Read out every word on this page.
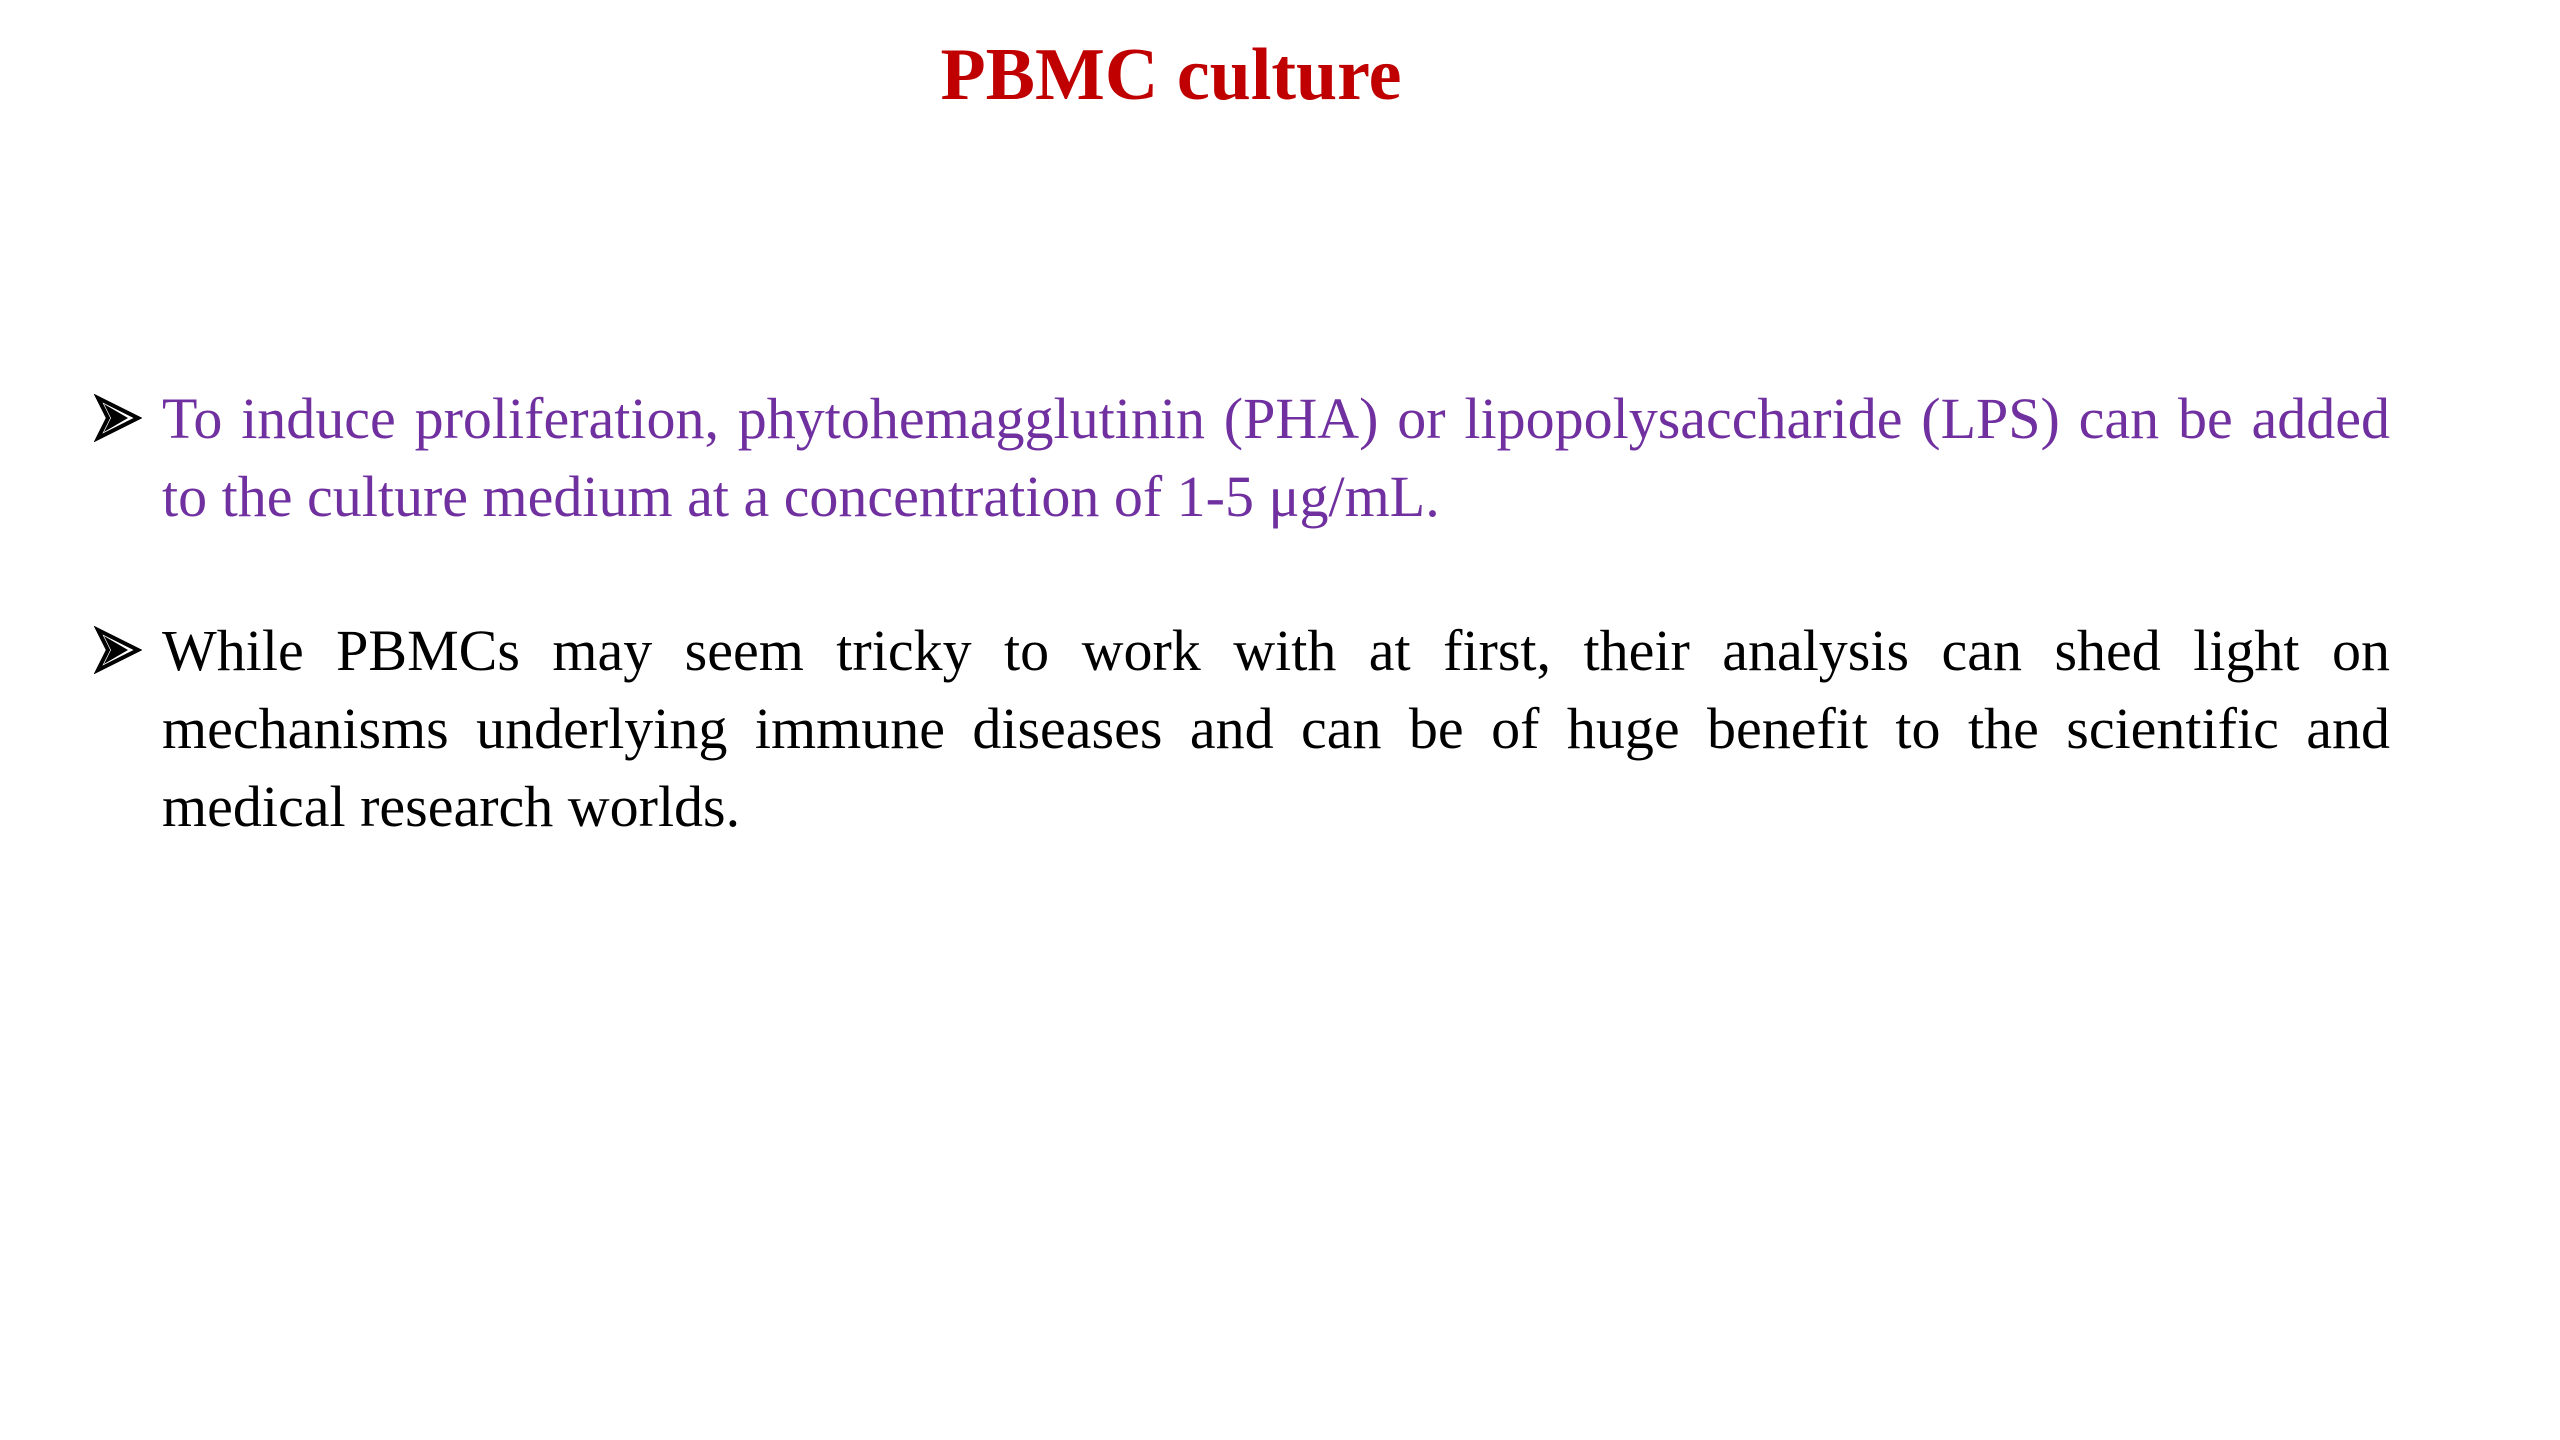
PBMC culture
To induce proliferation, phytohemagglutinin (PHA) or lipopolysaccharide (LPS) can be added to the culture medium at a concentration of 1-5 μg/mL.
While PBMCs may seem tricky to work with at first, their analysis can shed light on mechanisms underlying immune diseases and can be of huge benefit to the scientific and medical research worlds.
